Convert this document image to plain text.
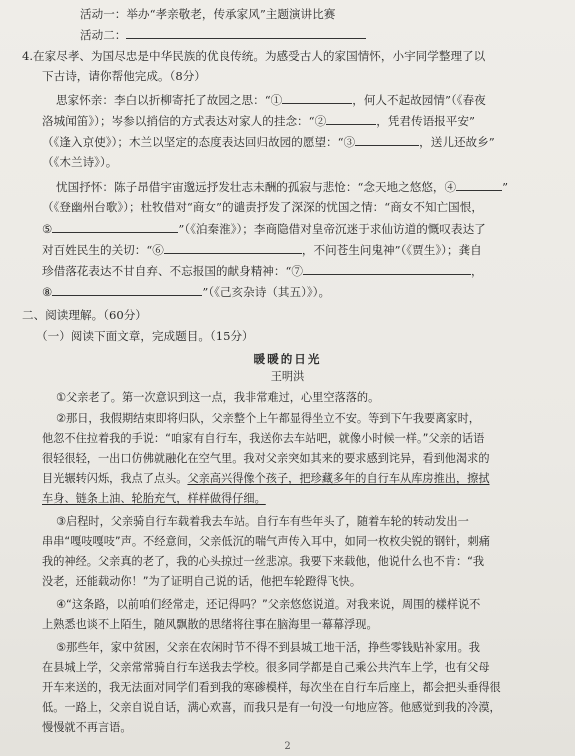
活动一：举办“孝亲敬老，传承家风”主题演讲比赛
活动二：
4.在家尽孝、为国尽忠是中华民族的优良传统。为感受古人的家国情怀，小宇同学整理了以
下古诗，请你帮他完成。（8分）
思家怀亲：李白以折柳寄托了故园之思：“①	，何人不起故园情”（《春夜
洛城闻笛》）；岑参以捎信的方式表达对家人的挂念：“②	，凭君传语报平安”
（《逢入京使》）；木兰以坚定的态度表达回归故园的愿望：“③	，送儿还故乡”
（《木兰诗》）。
忧国抒怀：陈子昂借宇宙邈远抒发壮志未酬的孤寂与悲怆：“念天地之悠悠，④	”
（《登幽州台歌》）；杜牧借对“商女”的谴责抒发了深深的忧国之情：“商女不知亡国恨，
⑤	”（《泊秦淮》）；李商隐借对皇帝沉迷于求仙访道的慨叹表达了
对百姓民生的关切：“⑥	，不问苍生问鬼神”（《贾生》）；龚自
珍借落花表达不甘自弃、不忘报国的献身精神：“⑦	，
⑧	”（《己亥杂诗（其五）》）。
二、阅读理解。（60分）
（一）阅读下面文章，完成题目。（15分）
暖暖的日光
王明洪
①父亲老了。第一次意识到这一点，我非常难过，心里空落落的。
②那日，我假期结束即将归队，父亲整个上午都显得坐立不安。等到下午我要离家时，
他忽不住拉着我的手说：“咱家有自行车，我送你去车站吧，就像小时候一样。”父亲的话语
很轻很轻，一出口仿佛就融化在空气里。我对父亲突如其来的要求感到诧异，看到他渴求的
目光辗转闪烁，我点了点头。父亲高兴得像个孩子，把珍藏多年的自行车从库房推出，擦拭
车身、链条上油、轮胎充气，样样做得仔细。
③启程时，父亲骑自行车载着我去车站。自行车有些年头了，随着车轮的转动发出一
串串“嘎吱嘎吱”声。不经意间，父亲低沉的喘气声传入耳中，如同一枚枚尖锐的钢针，刺痛
我的神经。父亲真的老了，我的心头掠过一丝悲凉。我要下来载他，他说什么也不肯：“我
没老，还能载动你！”为了证明自己说的话，他把车轮蹬得飞快。
④“这条路，以前咱们经常走，还记得吗？”父亲悠悠说道。对我来说，周围的樣样说不
上熟悉也谈不上陌生，随风飘散的思绪将往事在脑海里一幕幕浮现。
⑤那些年，家中贫困，父亲在农闲时节不得不到县城工地干活，挣些零钱贴补家用。我
在县城上学，父亲常常骑自行车送我去学校。很多同学都是自己乘公共汽车上学，也有父母
开车来送的，我无法面对同学们看到我的寒碜模样，每次坐在自行车后座上，都会把头垂得很
低。一路上，父亲自说自话，满心欢喜，而我只是有一句没一句地应答。他感觉到我的冷漠，
慢慢就不再言语。
2
